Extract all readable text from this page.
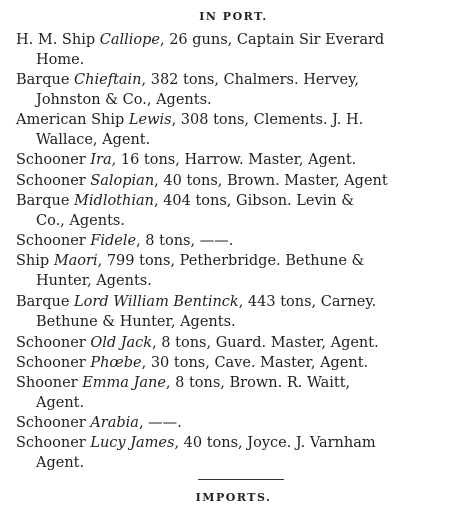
IN PORT.
H. M. Ship Calliope, 26 guns, Captain Sir Everard
Home.
Barque Chieftain, 382 tons, Chalmers. Hervey,
Johnston & Co., Agents.
American Ship Lewis, 308 tons, Clements. J. H.
Wallace, Agent.
Schooner Ira, 16 tons, Harrow. Master, Agent.
Schooner Salopian, 40 tons, Brown. Master, Agent
Barque Midlothian, 404 tons, Gibson. Levin &
Co., Agents.
Schooner Fidele, 8 tons, ——.
Ship Maori, 799 tons, Petherbridge. Bethune &
Hunter, Agents.
Barque Lord William Bentinck, 443 tons, Carney.
Bethune & Hunter, Agents.
Schooner Old Jack, 8 tons, Guard. Master, Agent.
Schooner Phœbe, 30 tons, Cave. Master, Agent.
Shooner Emma Jane, 8 tons, Brown. R. Waitt,
Agent.
Schooner Arabia, ——.
Schooner Lucy James, 40 tons, Joyce. J. Varnham
Agent.
IMPORTS.
